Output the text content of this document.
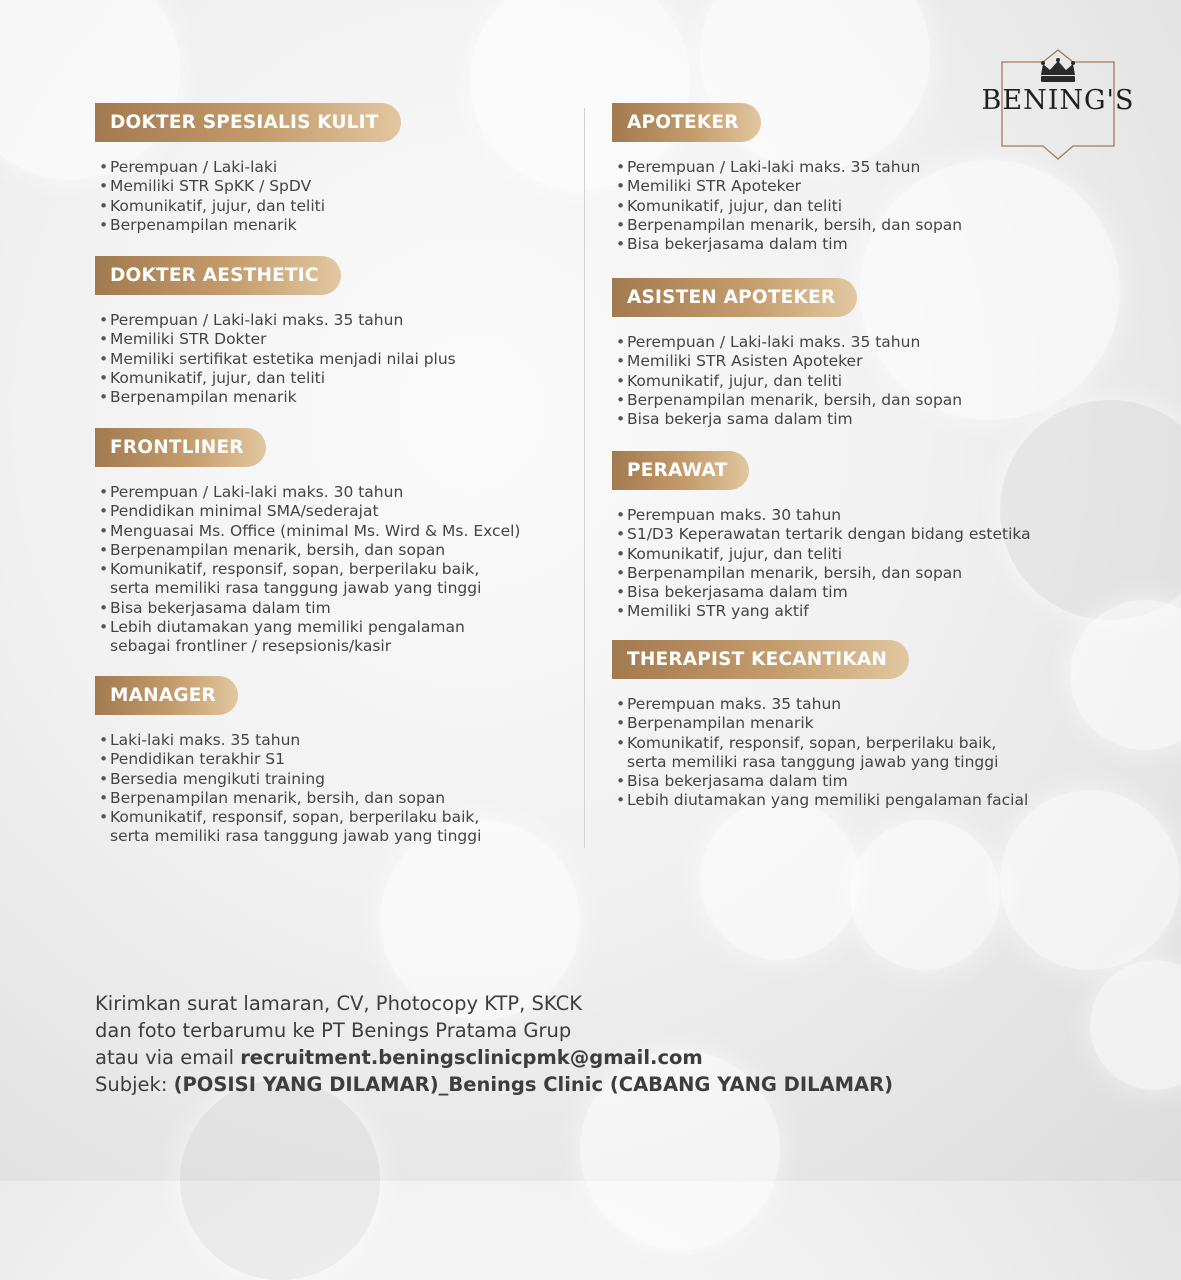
BENING'S
DOKTER SPESIALIS KULIT
• Perempuan / Laki-laki
• Memiliki STR SpKK / SpDV
• Komunikatif, jujur, dan teliti
• Berpenampilan menarik
DOKTER AESTHETIC
• Perempuan / Laki-laki maks. 35 tahun
• Memiliki STR Dokter
• Memiliki sertifikat estetika menjadi nilai plus
• Komunikatif, jujur, dan teliti
• Berpenampilan menarik
FRONTLINER
• Perempuan / Laki-laki maks. 30 tahun
• Pendidikan minimal SMA/sederajat
• Menguasai Ms. Office (minimal Ms. Wird & Ms. Excel)
• Berpenampilan menarik, bersih, dan sopan
• Komunikatif, responsif, sopan, berperilaku baik,
serta memiliki rasa tanggung jawab yang tinggi
• Bisa bekerjasama dalam tim
• Lebih diutamakan yang memiliki pengalaman
sebagai frontliner / resepsionis/kasir
MANAGER
• Laki-laki maks. 35 tahun
• Pendidikan terakhir S1
• Bersedia mengikuti training
• Berpenampilan menarik, bersih, dan sopan
• Komunikatif, responsif, sopan, berperilaku baik,
serta memiliki rasa tanggung jawab yang tinggi
APOTEKER
• Perempuan / Laki-laki maks. 35 tahun
• Memiliki STR Apoteker
• Komunikatif, jujur, dan teliti
• Berpenampilan menarik, bersih, dan sopan
• Bisa bekerjasama dalam tim
ASISTEN APOTEKER
• Perempuan / Laki-laki maks. 35 tahun
• Memiliki STR Asisten Apoteker
• Komunikatif, jujur, dan teliti
• Berpenampilan menarik, bersih, dan sopan
• Bisa bekerja sama dalam tim
PERAWAT
• Perempuan maks. 30 tahun
• S1/D3 Keperawatan tertarik dengan bidang estetika
• Komunikatif, jujur, dan teliti
• Berpenampilan menarik, bersih, dan sopan
• Bisa bekerjasama dalam tim
• Memiliki STR yang aktif
THERAPIST KECANTIKAN
• Perempuan maks. 35 tahun
• Berpenampilan menarik
• Komunikatif, responsif, sopan, berperilaku baik,
serta memiliki rasa tanggung jawab yang tinggi
• Bisa bekerjasama dalam tim
• Lebih diutamakan yang memiliki pengalaman facial
Kirimkan surat lamaran, CV, Photocopy KTP, SKCK
dan foto terbarumu ke PT Benings Pratama Grup
atau via email recruitment.beningsclinicpmk@gmail.com
Subjek: (POSISI YANG DILAMAR)_Benings Clinic (CABANG YANG DILAMAR)
